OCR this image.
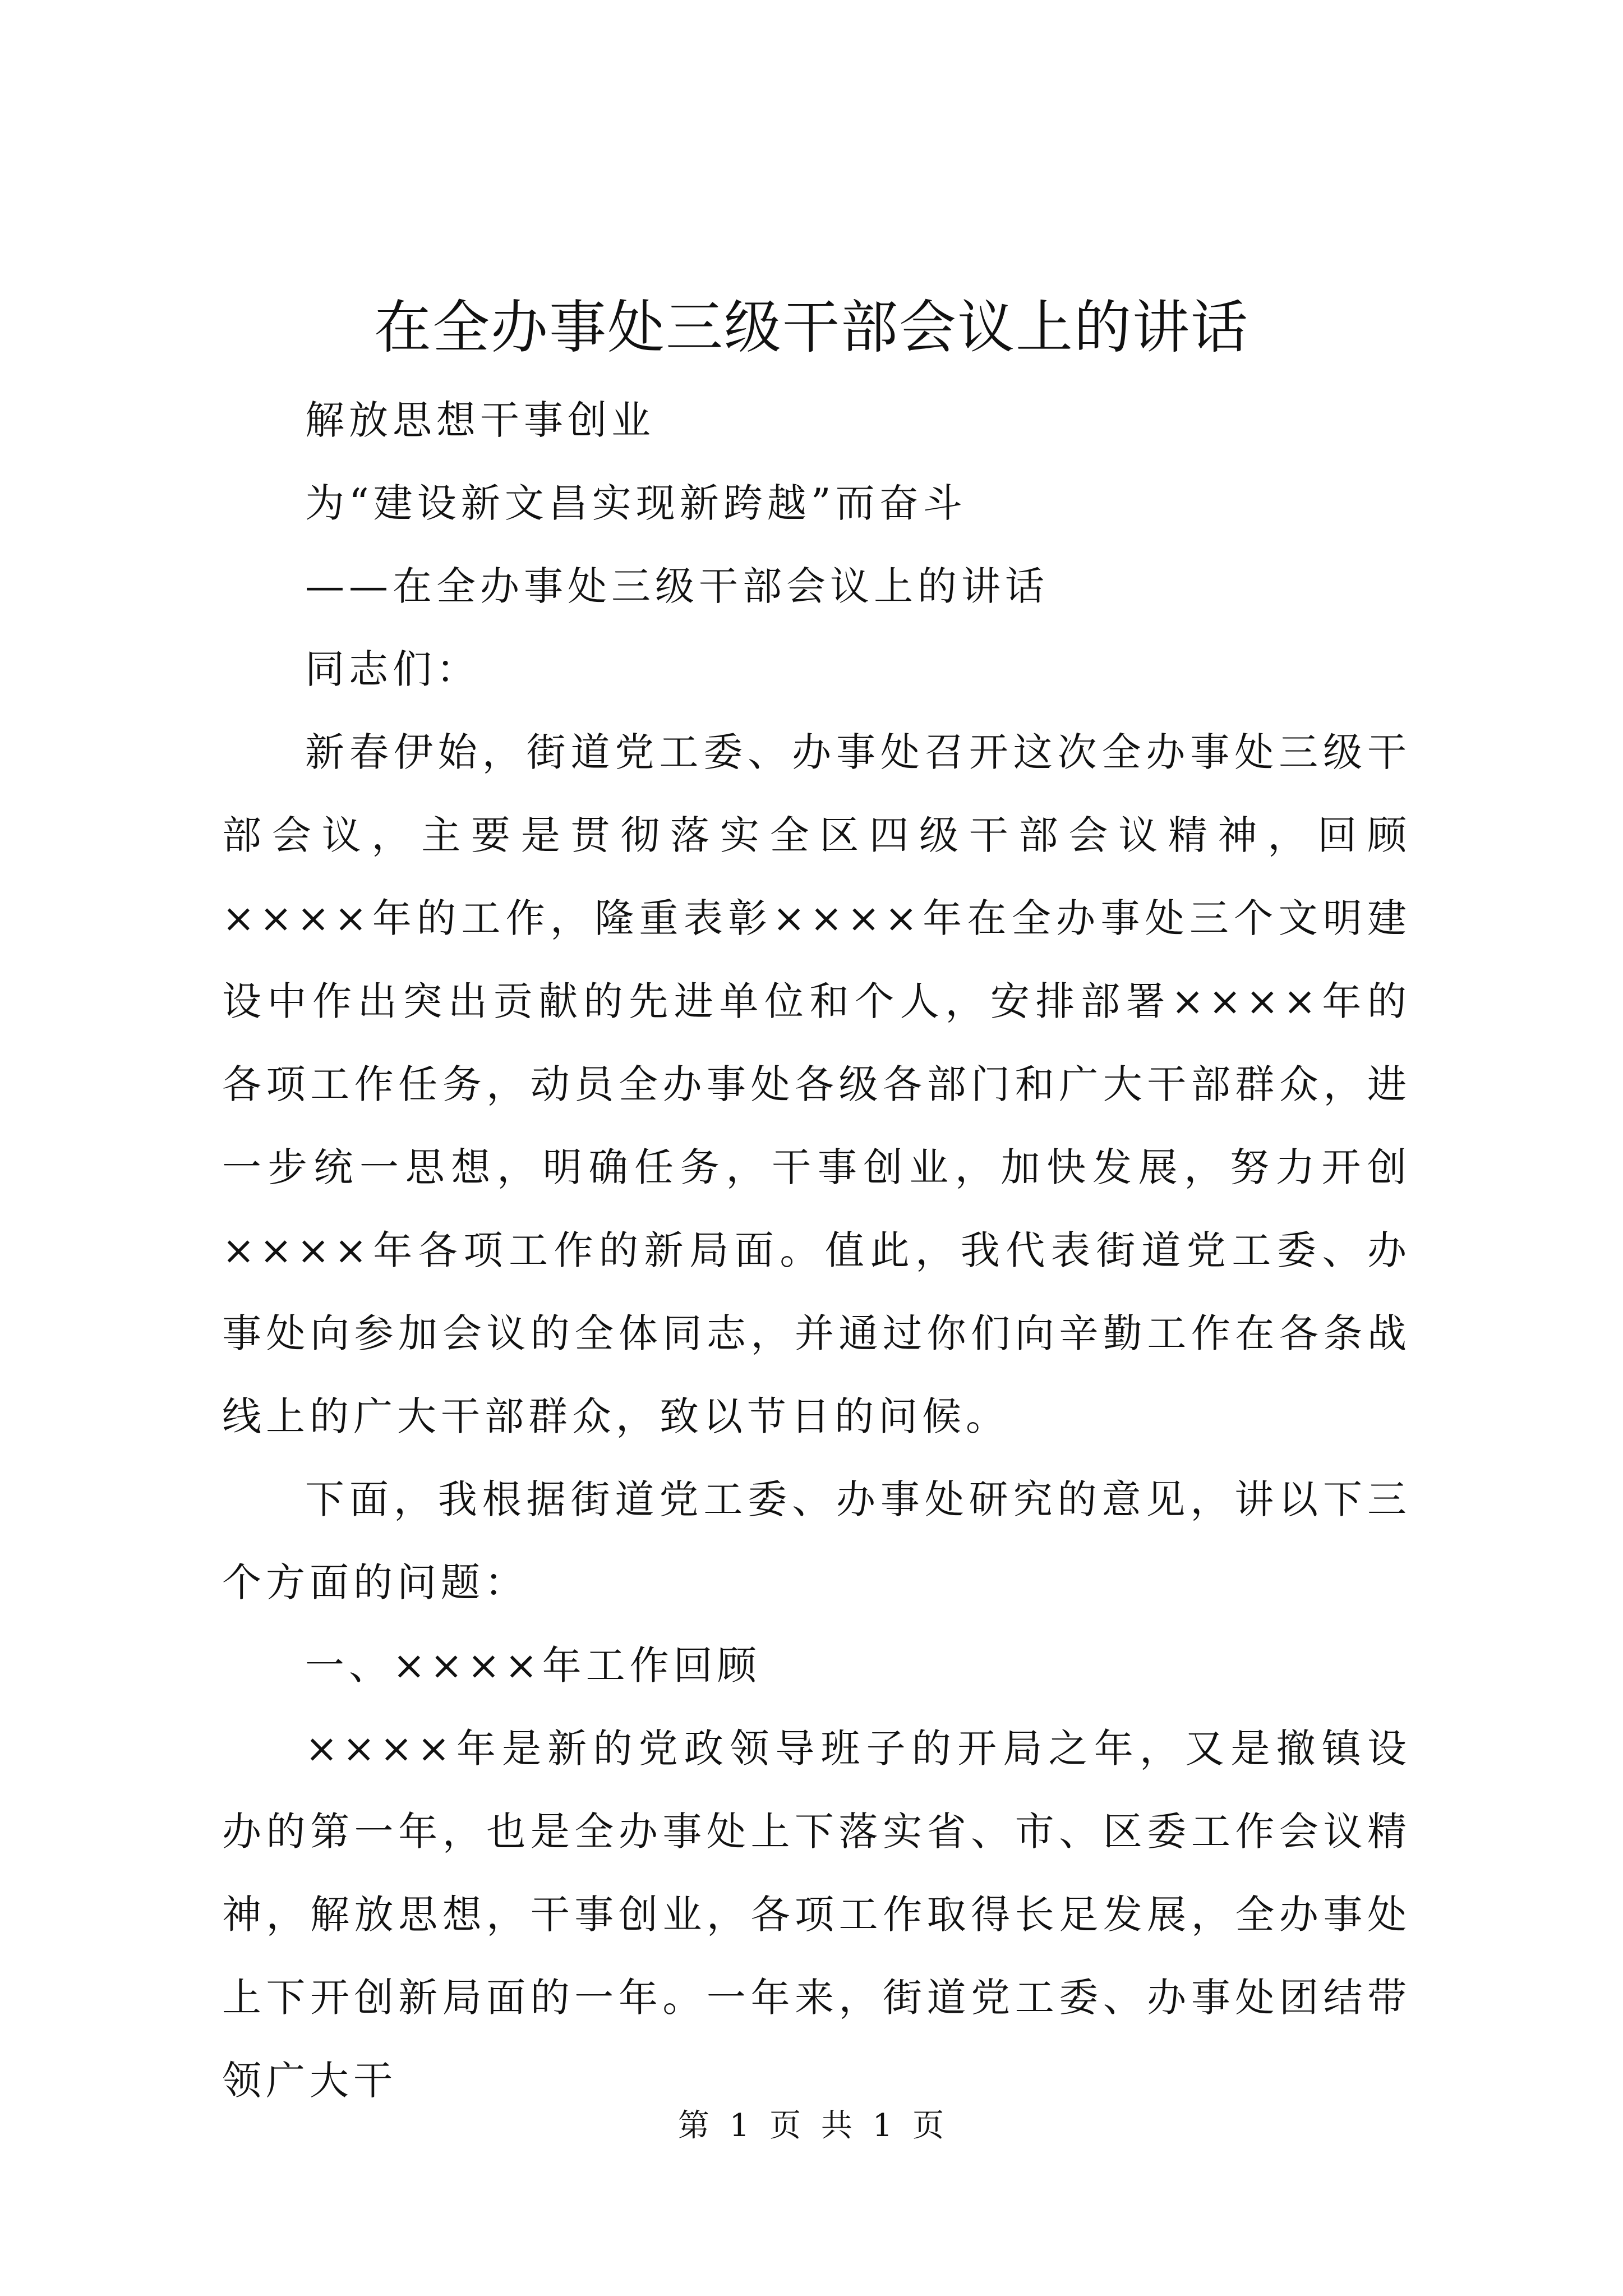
在全办事处三级干部会议上的讲话

解放思想干事创业

为“建设新文昌实现新跨越”而奋斗

——在全办事处三级干部会议上的讲话

同志们：

新春伊始，街道党工委、办事处召开这次全办事处三级干部会议，主要是贯彻落实全区四级干部会议精神，回顾××××年的工作，隆重表彰××××年在全办事处三个文明建设中作出突出贡献的先进单位和个人，安排部署××××年的各项工作任务，动员全办事处各级各部门和广大干部群众，进一步统一思想，明确任务，干事创业，加快发展，努力开创××××年各项工作的新局面。值此，我代表街道党工委、办事处向参加会议的全体同志，并通过你们向辛勤工作在各条战线上的广大干部群众，致以节日的问候。

下面，我根据街道党工委、办事处研究的意见，讲以下三个方面的问题：

一、××××年工作回顾

××××年是新的党政领导班子的开局之年，又是撤镇设办的第一年，也是全办事处上下落实省、市、区委工作会议精神，解放思想，干事创业，各项工作取得长足发展，全办事处上下开创新局面的一年。一年来，街道党工委、办事处团结带领广大干

第 1 页 共 1 页
